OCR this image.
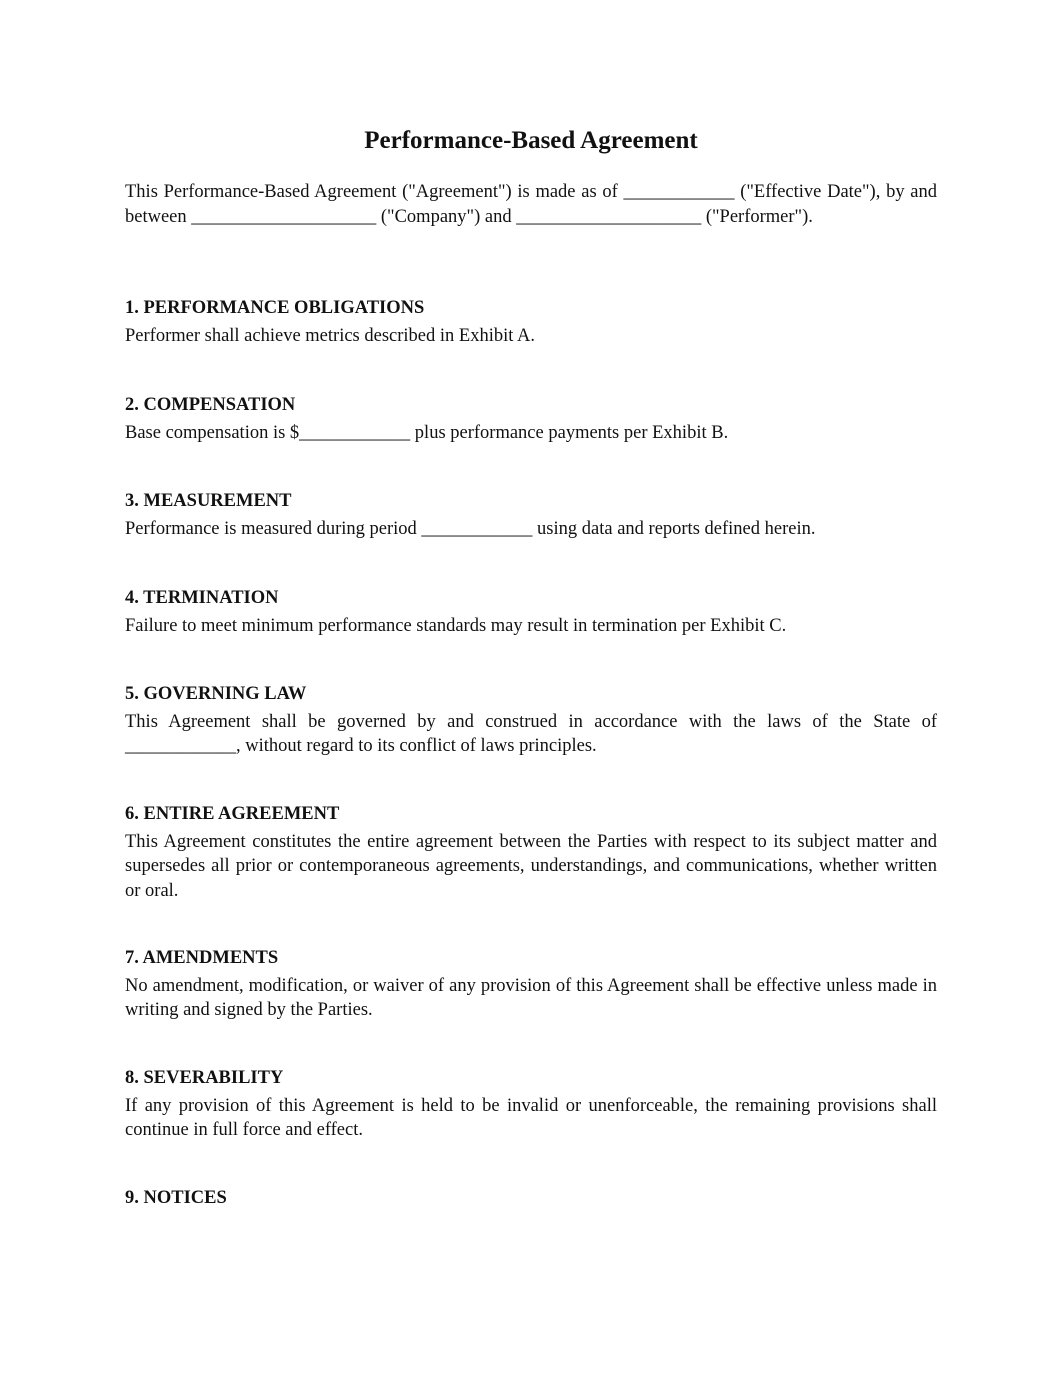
Performance-Based Agreement

This Performance-Based Agreement ("Agreement") is made as of ____________ ("Effective Date"), by and between ____________________ ("Company") and ____________________ ("Performer").

1. PERFORMANCE OBLIGATIONS

Performer shall achieve metrics described in Exhibit A.

2. COMPENSATION

Base compensation is $____________ plus performance payments per Exhibit B.

3. MEASUREMENT

Performance is measured during period ____________ using data and reports defined herein.

4. TERMINATION

Failure to meet minimum performance standards may result in termination per Exhibit C.

5. GOVERNING LAW

This Agreement shall be governed by and construed in accordance with the laws of the State of ____________, without regard to its conflict of laws principles.

6. ENTIRE AGREEMENT

This Agreement constitutes the entire agreement between the Parties with respect to its subject matter and supersedes all prior or contemporaneous agreements, understandings, and communications, whether written or oral.

7. AMENDMENTS

No amendment, modification, or waiver of any provision of this Agreement shall be effective unless made in writing and signed by the Parties.

8. SEVERABILITY

If any provision of this Agreement is held to be invalid or unenforceable, the remaining provisions shall continue in full force and effect.

9. NOTICES
